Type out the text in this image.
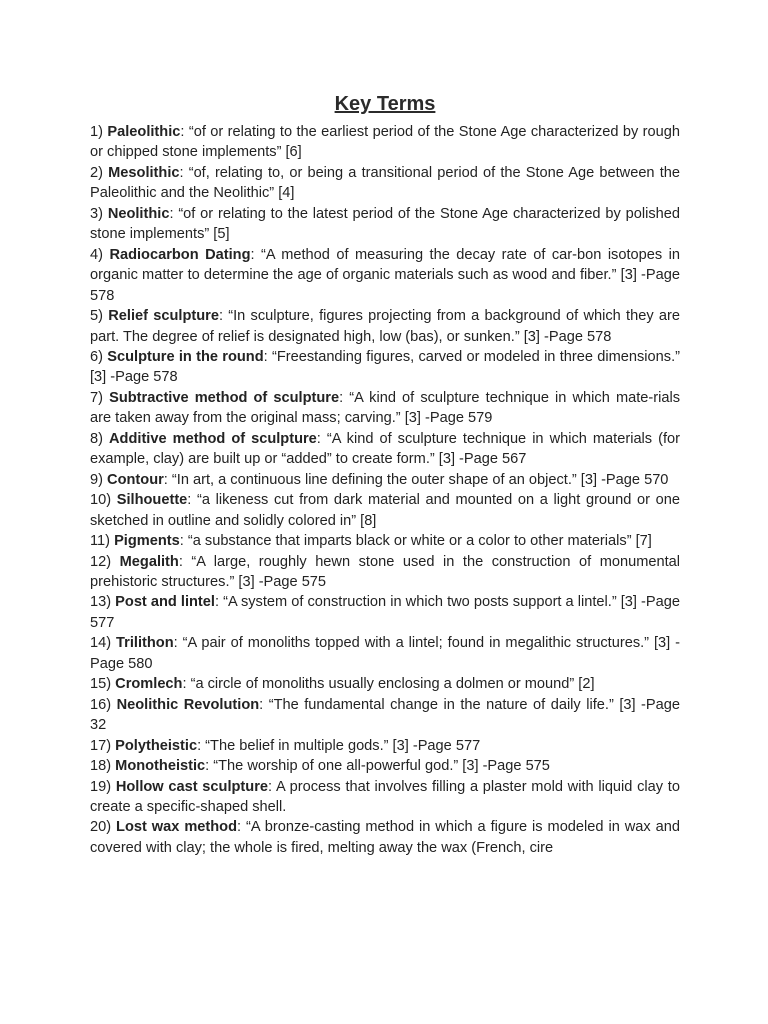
Key Terms
1) Paleolithic: “of or relating to the earliest period of the Stone Age characterized by rough or chipped stone implements” [6]
2) Mesolithic: “of, relating to, or being a transitional period of the Stone Age between the Paleolithic and the Neolithic” [4]
3) Neolithic: “of or relating to the latest period of the Stone Age characterized by polished stone implements” [5]
4) Radiocarbon Dating: “A method of measuring the decay rate of car-bon isotopes in organic matter to determine the age of organic materials such as wood and fiber.” [3] -Page 578
5) Relief sculpture: “In sculpture, figures projecting from a background of which they are part. The degree of relief is designated high, low (bas), or sunken.” [3] -Page 578
6) Sculpture in the round: “Freestanding figures, carved or modeled in three dimensions.” [3] -Page 578
7) Subtractive method of sculpture: “A kind of sculpture technique in which mate-rials are taken away from the original mass; carving.” [3] -Page 579
8) Additive method of sculpture: “A kind of sculpture technique in which materials (for example, clay) are built up or “added” to create form.” [3] -Page 567
9) Contour: “In art, a continuous line defining the outer shape of an object.” [3] -Page 570
10) Silhouette: “a likeness cut from dark material and mounted on a light ground or one sketched in outline and solidly colored in” [8]
11) Pigments: “a substance that imparts black or white or a color to other materials” [7]
12) Megalith: “A large, roughly hewn stone used in the construction of monumental prehistoric structures.” [3] -Page 575
13) Post and lintel: “A system of construction in which two posts support a lintel.” [3] -Page 577
14) Trilithon: “A pair of monoliths topped with a lintel; found in megalithic structures.” [3] -Page 580
15) Cromlech: “a circle of monoliths usually enclosing a dolmen or mound” [2]
16) Neolithic Revolution: “The fundamental change in the nature of daily life.” [3] -Page 32
17) Polytheistic: “The belief in multiple gods.” [3] -Page 577
18) Monotheistic: “The worship of one all-powerful god.” [3] -Page 575
19) Hollow cast sculpture: A process that involves filling a plaster mold with liquid clay to create a specific-shaped shell.
20) Lost wax method: “A bronze-casting method in which a figure is modeled in wax and covered with clay; the whole is fired, melting away the wax (French, cire
